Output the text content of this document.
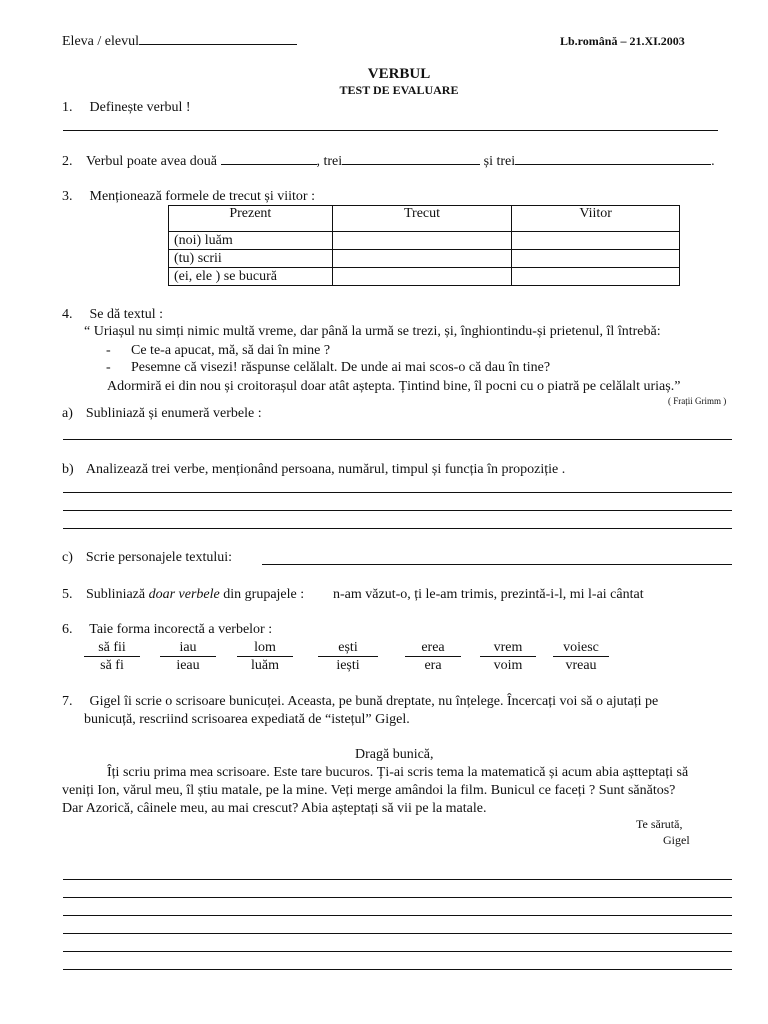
Eleva / elevul	Lb.română – 21.XI.2003
VERBUL
TEST DE EVALUARE
1. Definește verbul !
2. Verbul poate avea două	, trei	și trei	.
3. Menționează formele de trecut și viitor :
Prezent	Trecut	Viitor
(noi) luăm		
(tu) scrii		
(ei, ele ) se bucură		
4. Se dă textul :
“ Uriașul nu simți nimic multă vreme, dar până la urmă se trezi, și, înghiontindu-și prietenul, îl întrebă:
- Ce te-a apucat, mă, să dai în mine ?
- Pesemne că visezi! răspunse celălalt. De unde ai mai scos-o că dau în tine?
Adormiră ei din nou și croitorașul doar atât aștepta. Țintind bine, îl pocni cu o piatră pe celălalt uriaș.”
( Frații Grimm )
a) Subliniază și enumeră verbele :
b) Analizează trei verbe, menționând persoana, numărul, timpul și funcția în propoziție .
c) Scrie personajele textului:
5. Subliniază doar verbele din grupajele : n-am văzut-o, ți le-am trimis, prezintă-i-l, mi l-ai cântat
6. Taie forma incorectă a verbelor :
să fii
să fi
iau
ieau
lom
luăm
ești
iești
erea
era
vrem
voim
voiesc
vreau
7. Gigel îi scrie o scrisoare bunicuței. Aceasta, pe bună dreptate, nu înțelege. Încercați voi să o ajutați pe
bunicuță, rescriind scrisoarea expediată de “istețul” Gigel.
Dragă bunică,
Îți scriu prima mea scrisoare. Este tare bucuros. Ți-ai scris tema la matematică și acum abia aștteptați să
veniți Ion, vărul meu, îl știu matale, pe la mine. Veți merge amândoi la film. Bunicul ce faceți ? Sunt sănătos?
Dar Azorică, câinele meu, au mai crescut? Abia așteptați să vii pe la matale.
Te sărută,
Gigel
